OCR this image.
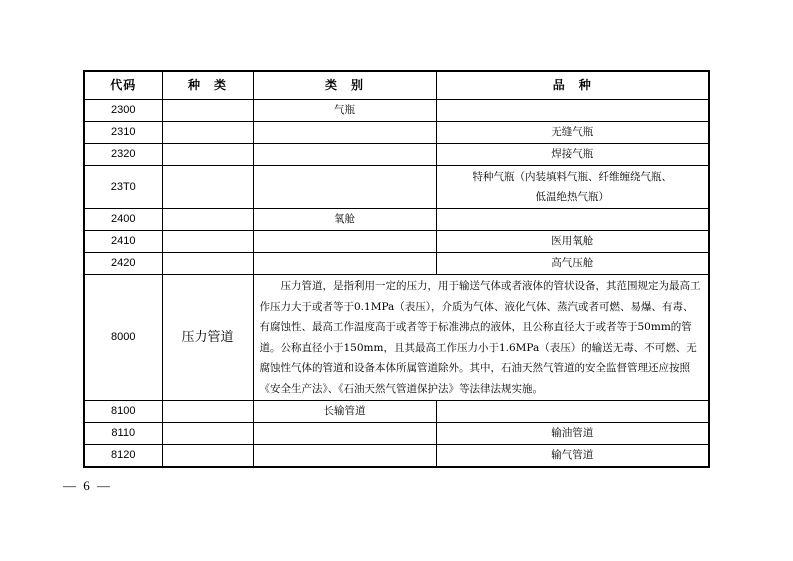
代码	种　类	类　别	品　种
2300		气瓶	
2310			无缝气瓶
2320			焊接气瓶
23T0			特种气瓶（内装填料气瓶、纤维缠绕气瓶、
低温绝热气瓶）

2400		氧舱	
2410			医用氧舱
2420			高气压舱
8000	压力管道	压力管道，是指利用一定的压力，用于输送气体或者液体的管状设备，其范围规定为最高工作压力大于或者等于0.1MPa（表压），介质为气体、液化气体、蒸汽或者可燃、易爆、有毒、有腐蚀性、最高工作温度高于或者等于标准沸点的液体，且公称直径大于或者等于50mm的管道。公称直径小于150mm，且其最高工作压力小于1.6MPa（表压）的输送无毒、不可燃、无腐蚀性气体的管道和设备本体所属管道除外。其中，石油天然气管道的安全监督管理还应按照《安全生产法》、《石油天然气管道保护法》等法律法规实施。	
8100		长输管道	
8110			输油管道
8120			输气管道
— 6 —
